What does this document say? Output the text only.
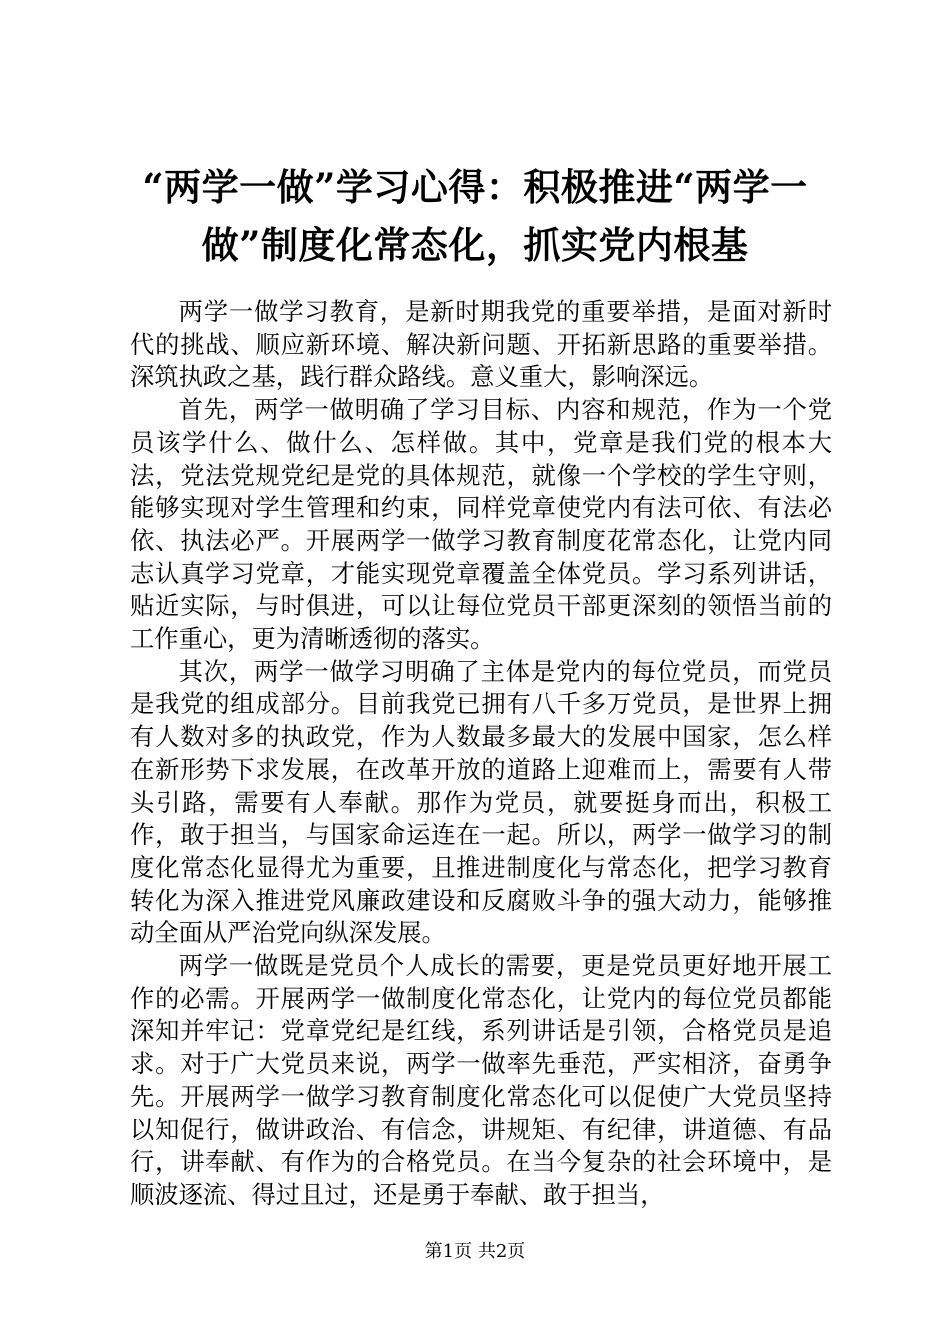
“两学一做”学习心得：积极推进“两学一
做”制度化常态化，抓实党内根基

两学一做学习教育，是新时期我党的重要举措，是面对新时代的挑战、顺应新环境、解决新问题、开拓新思路的重要举措。深筑执政之基，践行群众路线。意义重大，影响深远。

首先，两学一做明确了学习目标、内容和规范，作为一个党员该学什么、做什么、怎样做。其中，党章是我们党的根本大法，党法党规党纪是党的具体规范，就像一个学校的学生守则，能够实现对学生管理和约束，同样党章使党内有法可依、有法必依、执法必严。开展两学一做学习教育制度花常态化，让党内同志认真学习党章，才能实现党章覆盖全体党员。学习系列讲话，贴近实际，与时俱进，可以让每位党员干部更深刻的领悟当前的工作重心，更为清晰透彻的落实。

其次，两学一做学习明确了主体是党内的每位党员，而党员是我党的组成部分。目前我党已拥有八千多万党员，是世界上拥有人数对多的执政党，作为人数最多最大的发展中国家，怎么样在新形势下求发展，在改革开放的道路上迎难而上，需要有人带头引路，需要有人奉献。那作为党员，就要挺身而出，积极工作，敢于担当，与国家命运连在一起。所以，两学一做学习的制度化常态化显得尤为重要，且推进制度化与常态化，把学习教育转化为深入推进党风廉政建设和反腐败斗争的强大动力，能够推动全面从严治党向纵深发展。

两学一做既是党员个人成长的需要，更是党员更好地开展工作的必需。开展两学一做制度化常态化，让党内的每位党员都能深知并牢记：党章党纪是红线，系列讲话是引领，合格党员是追求。对于广大党员来说，两学一做率先垂范，严实相济，奋勇争先。开展两学一做学习教育制度化常态化可以促使广大党员坚持以知促行，做讲政治、有信念，讲规矩、有纪律，讲道德、有品行，讲奉献、有作为的合格党员。在当今复杂的社会环境中，是顺波逐流、得过且过，还是勇于奉献、敢于担当，

第1页 共2页
